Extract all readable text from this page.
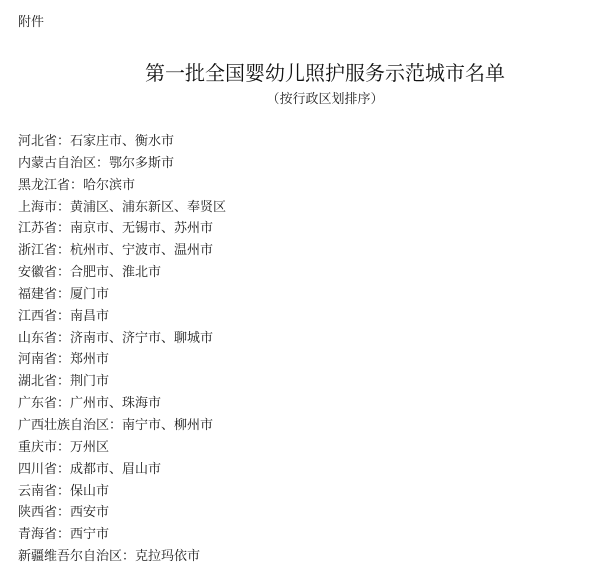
附件
第一批全国婴幼儿照护服务示范城市名单
（按行政区划排序）
河北省：石家庄市、衡水市
内蒙古自治区：鄂尔多斯市
黑龙江省：哈尔滨市
上海市：黄浦区、浦东新区、奉贤区
江苏省：南京市、无锡市、苏州市
浙江省：杭州市、宁波市、温州市
安徽省：合肥市、淮北市
福建省：厦门市
江西省：南昌市
山东省：济南市、济宁市、聊城市
河南省：郑州市
湖北省：荆门市
广东省：广州市、珠海市
广西壮族自治区：南宁市、柳州市
重庆市：万州区
四川省：成都市、眉山市
云南省：保山市
陕西省：西安市
青海省：西宁市
新疆维吾尔自治区：克拉玛依市
